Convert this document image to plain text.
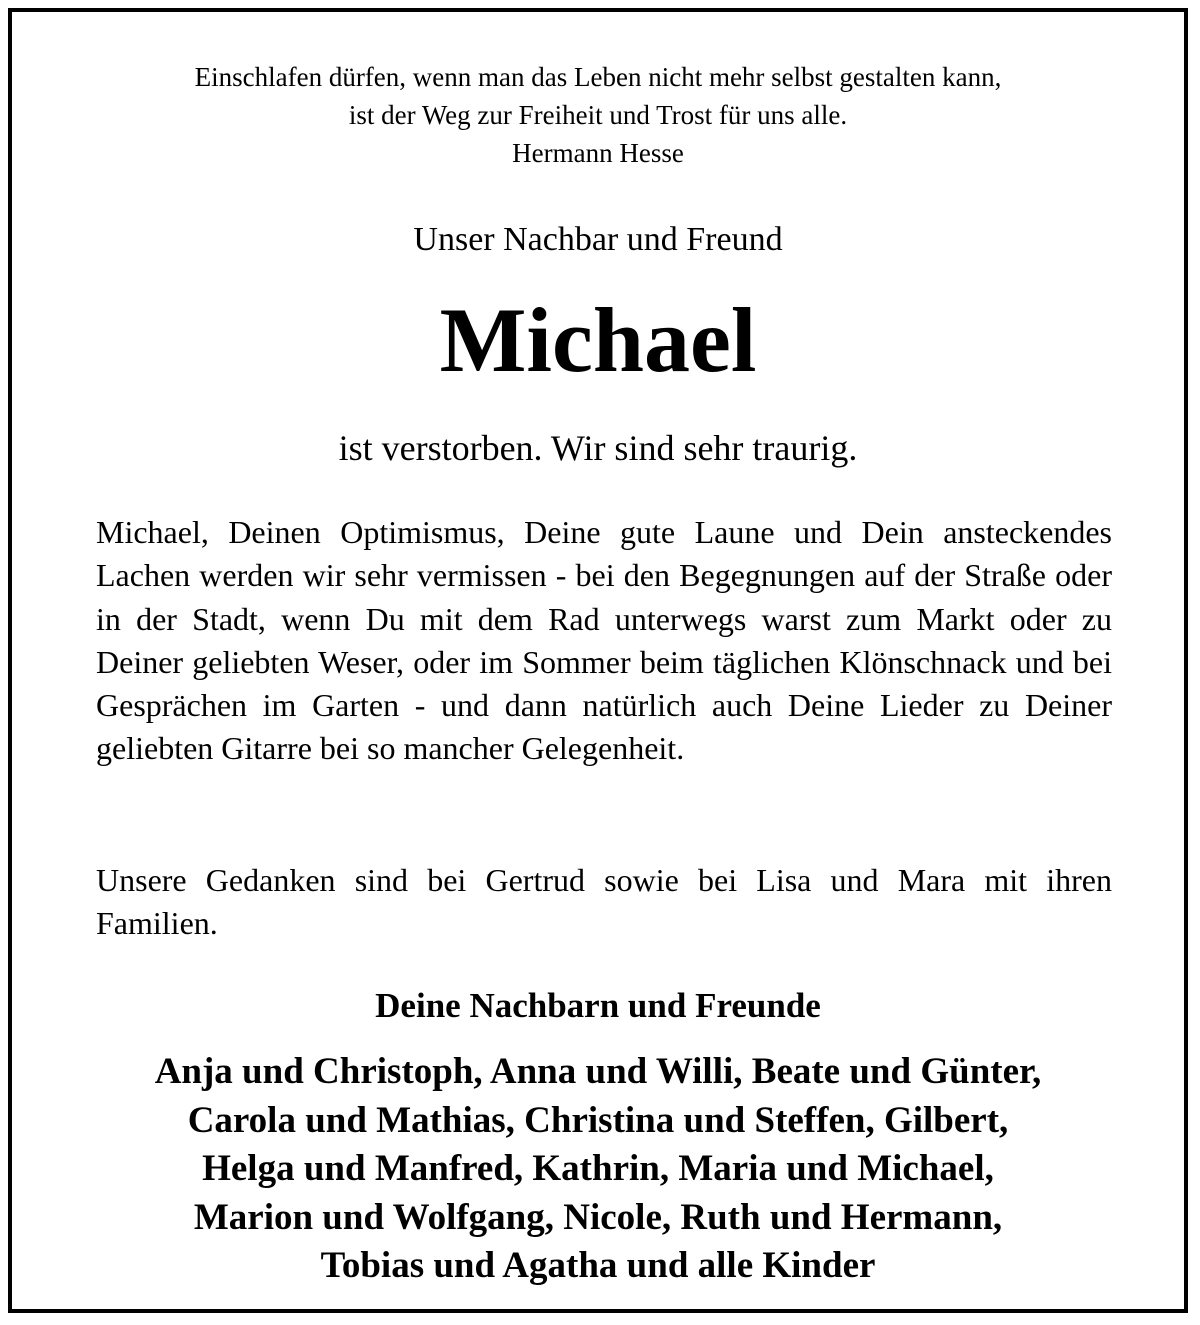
Einschlafen dürfen, wenn man das Leben nicht mehr selbst gestalten kann,
ist der Weg zur Freiheit und Trost für uns alle.
Hermann Hesse
Unser Nachbar und Freund
Michael
ist verstorben. Wir sind sehr traurig.
Michael, Deinen Optimismus, Deine gute Laune und Dein ansteckendes Lachen werden wir sehr vermissen - bei den Begegnungen auf der Straße oder in der Stadt, wenn Du mit dem Rad unterwegs warst zum Markt oder zu Deiner geliebten Weser, oder im Sommer beim täglichen Klönschnack und bei Gesprächen im Garten - und dann natürlich auch Deine Lieder zu Deiner geliebten Gitarre bei so mancher Gelegenheit.
Unsere Gedanken sind bei Gertrud sowie bei Lisa und Mara mit ihren Familien.
Deine Nachbarn und Freunde
Anja und Christoph, Anna und Willi, Beate und Günter,
Carola und Mathias, Christina und Steffen, Gilbert,
Helga und Manfred, Kathrin, Maria und Michael,
Marion und Wolfgang, Nicole, Ruth und Hermann,
Tobias und Agatha und alle Kinder
